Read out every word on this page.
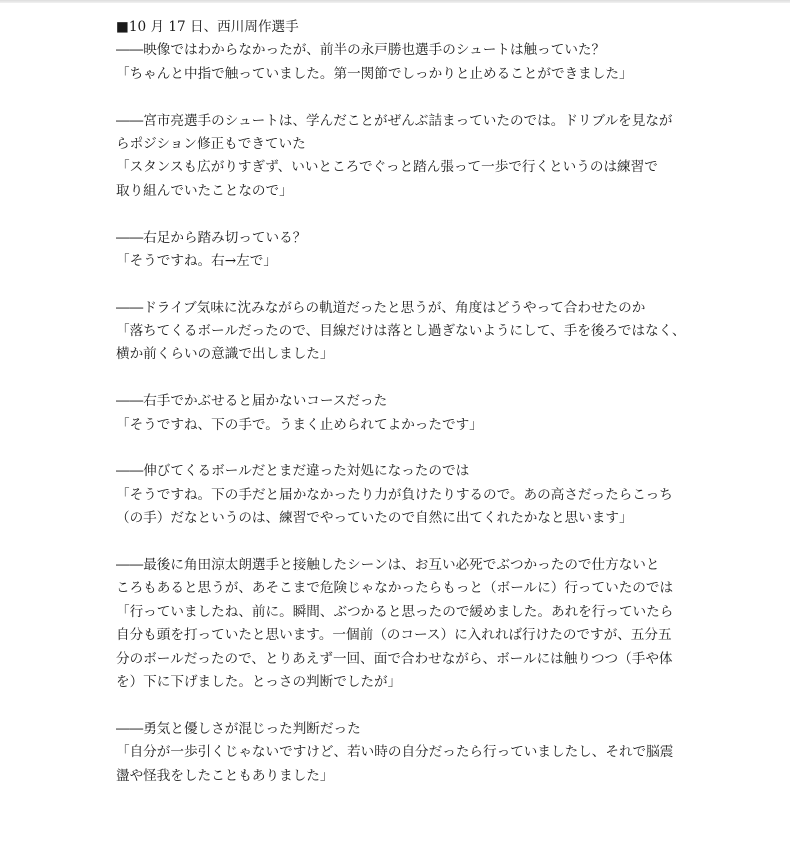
■10 月 17 日、西川周作選手
――映像ではわからなかったが、前半の永戸勝也選手のシュートは触っていた？
「ちゃんと中指で触っていました。第一関節でしっかりと止めることができました」
――宮市亮選手のシュートは、学んだことがぜんぶ詰まっていたのでは。ドリブルを見なが
らポジション修正もできていた
「スタンスも広がりすぎず、いいところでぐっと踏ん張って一歩で行くというのは練習で
取り組んでいたことなので」
――右足から踏み切っている？
「そうですね。右→左で」
――ドライブ気味に沈みながらの軌道だったと思うが、角度はどうやって合わせたのか
「落ちてくるボールだったので、目線だけは落とし過ぎないようにして、手を後ろではなく、
横か前くらいの意識で出しました」
――右手でかぶせると届かないコースだった
「そうですね、下の手で。うまく止められてよかったです」
――伸びてくるボールだとまだ違った対処になったのでは
「そうですね。下の手だと届かなかったり力が負けたりするので。あの高さだったらこっち
（の手）だなというのは、練習でやっていたので自然に出てくれたかなと思います」
――最後に角田涼太朗選手と接触したシーンは、お互い必死でぶつかったので仕方ないと
ころもあると思うが、あそこまで危険じゃなかったらもっと（ボールに）行っていたのでは
「行っていましたね、前に。瞬間、ぶつかると思ったので緩めました。あれを行っていたら
自分も頭を打っていたと思います。一個前（のコース）に入れれば行けたのですが、五分五
分のボールだったので、とりあえず一回、面で合わせながら、ボールには触りつつ（手や体
を）下に下げました。とっさの判断でしたが」
――勇気と優しさが混じった判断だった
「自分が一歩引くじゃないですけど、若い時の自分だったら行っていましたし、それで脳震
盪や怪我をしたこともありました」
